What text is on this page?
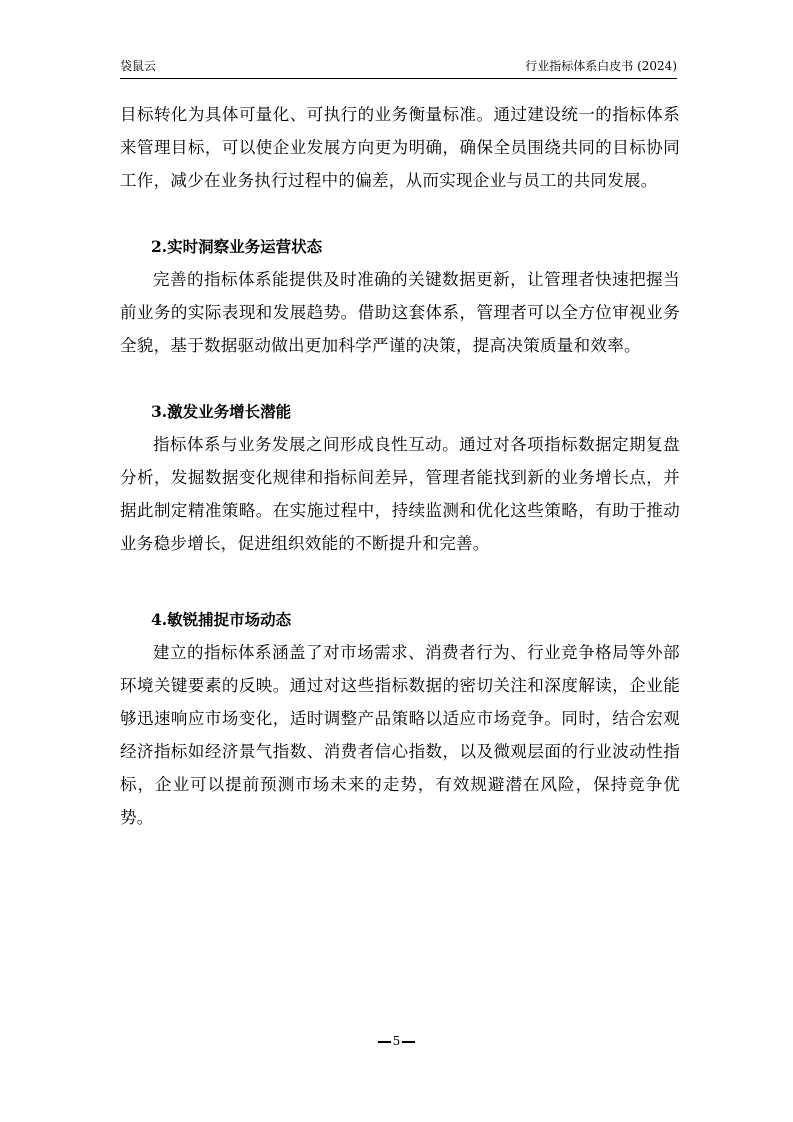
袋鼠云	行业指标体系白皮书 (2024)

目标转化为具体可量化、可执行的业务衡量标准。通过建设统一的指标体系来管理目标，可以使企业发展方向更为明确，确保全员围绕共同的目标协同工作，减少在业务执行过程中的偏差，从而实现企业与员工的共同发展。

2.实时洞察业务运营状态

完善的指标体系能提供及时准确的关键数据更新，让管理者快速把握当前业务的实际表现和发展趋势。借助这套体系，管理者可以全方位审视业务全貌，基于数据驱动做出更加科学严谨的决策，提高决策质量和效率。

3.激发业务增长潜能

指标体系与业务发展之间形成良性互动。通过对各项指标数据定期复盘分析，发掘数据变化规律和指标间差异，管理者能找到新的业务增长点，并据此制定精准策略。在实施过程中，持续监测和优化这些策略，有助于推动业务稳步增长，促进组织效能的不断提升和完善。

4.敏锐捕捉市场动态

建立的指标体系涵盖了对市场需求、消费者行为、行业竞争格局等外部环境关键要素的反映。通过对这些指标数据的密切关注和深度解读，企业能够迅速响应市场变化，适时调整产品策略以适应市场竞争。同时，结合宏观经济指标如经济景气指数、消费者信心指数，以及微观层面的行业波动性指标，企业可以提前预测市场未来的走势，有效规避潜在风险，保持竞争优势。

5
